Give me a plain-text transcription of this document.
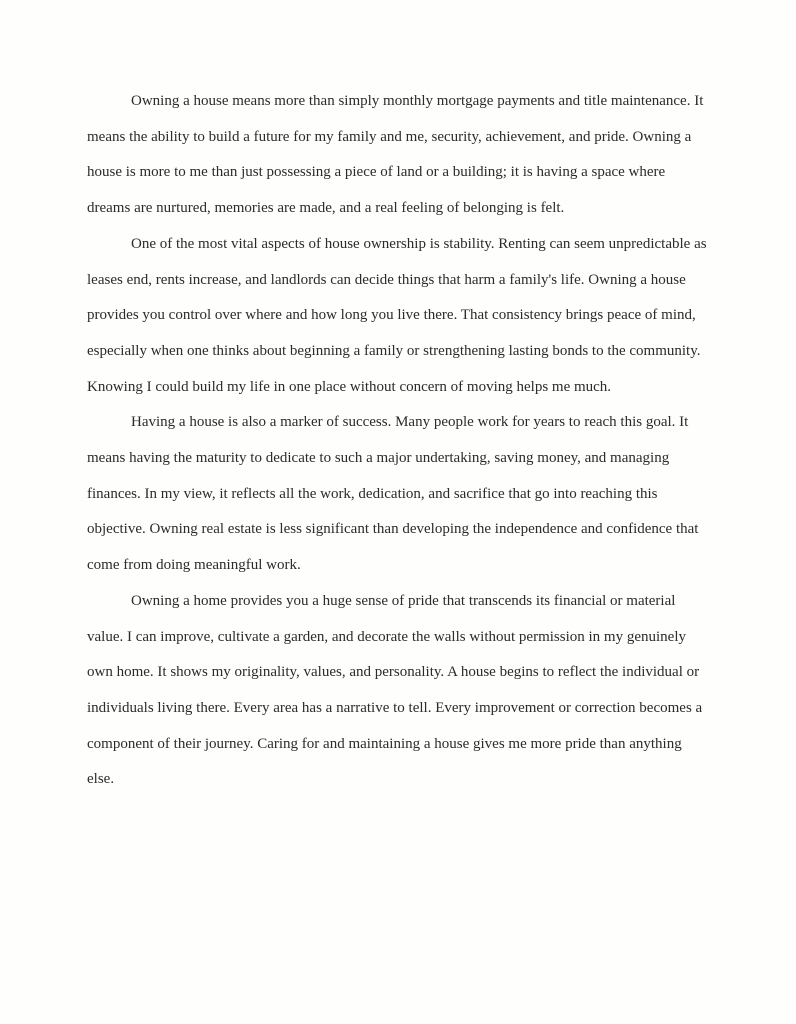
Owning a house means more than simply monthly mortgage payments and title maintenance. It means the ability to build a future for my family and me, security, achievement, and pride. Owning a house is more to me than just possessing a piece of land or a building; it is having a space where dreams are nurtured, memories are made, and a real feeling of belonging is felt.

One of the most vital aspects of house ownership is stability. Renting can seem unpredictable as leases end, rents increase, and landlords can decide things that harm a family's life. Owning a house provides you control over where and how long you live there. That consistency brings peace of mind, especially when one thinks about beginning a family or strengthening lasting bonds to the community. Knowing I could build my life in one place without concern of moving helps me much.

Having a house is also a marker of success. Many people work for years to reach this goal. It means having the maturity to dedicate to such a major undertaking, saving money, and managing finances. In my view, it reflects all the work, dedication, and sacrifice that go into reaching this objective. Owning real estate is less significant than developing the independence and confidence that come from doing meaningful work.

Owning a home provides you a huge sense of pride that transcends its financial or material value. I can improve, cultivate a garden, and decorate the walls without permission in my genuinely own home. It shows my originality, values, and personality. A house begins to reflect the individual or individuals living there. Every area has a narrative to tell. Every improvement or correction becomes a component of their journey. Caring for and maintaining a house gives me more pride than anything else.
